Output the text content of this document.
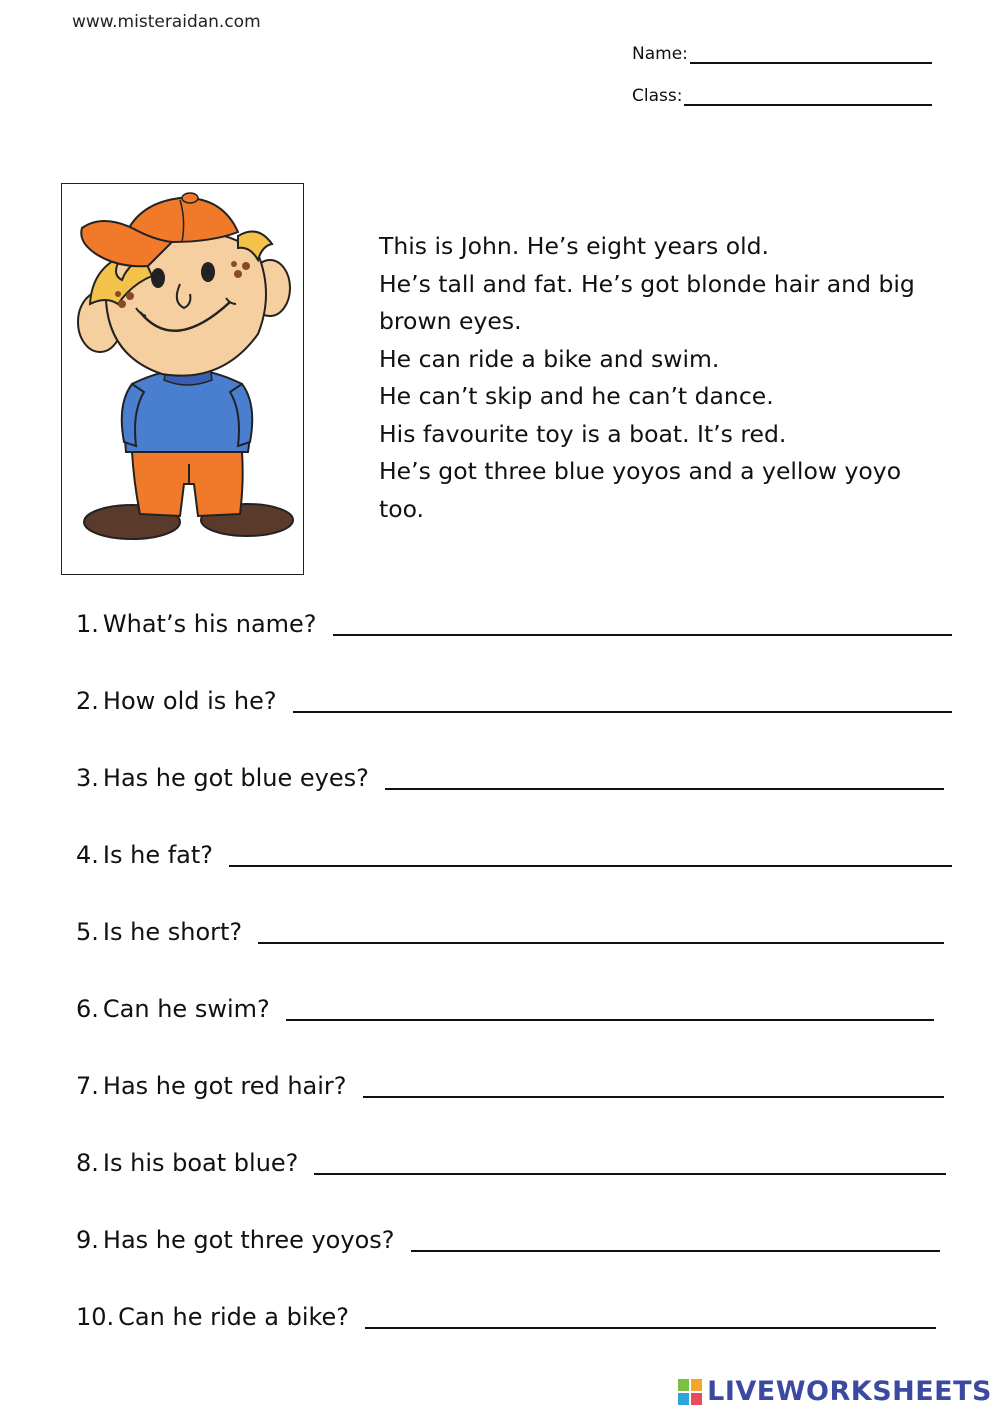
www.misteraidan.com
Name:
Class:

This is John. He’s eight years old.

He’s tall and fat. He’s got blonde hair and big

brown eyes.

He can ride a bike and swim.

He can’t skip and he can’t dance.

His favourite toy is a boat. It’s red.

He’s got three blue yoyos and a yellow yoyo

too.

1. What’s his name?
2. How old is he?
3. Has he got blue eyes?
4. Is he fat?
5. Is he short?
6. Can he swim?
7. Has he got red hair?
8. Is his boat blue?
9. Has he got three yoyos?
10. Can he ride a bike?
LIVEWORKSHEETS
